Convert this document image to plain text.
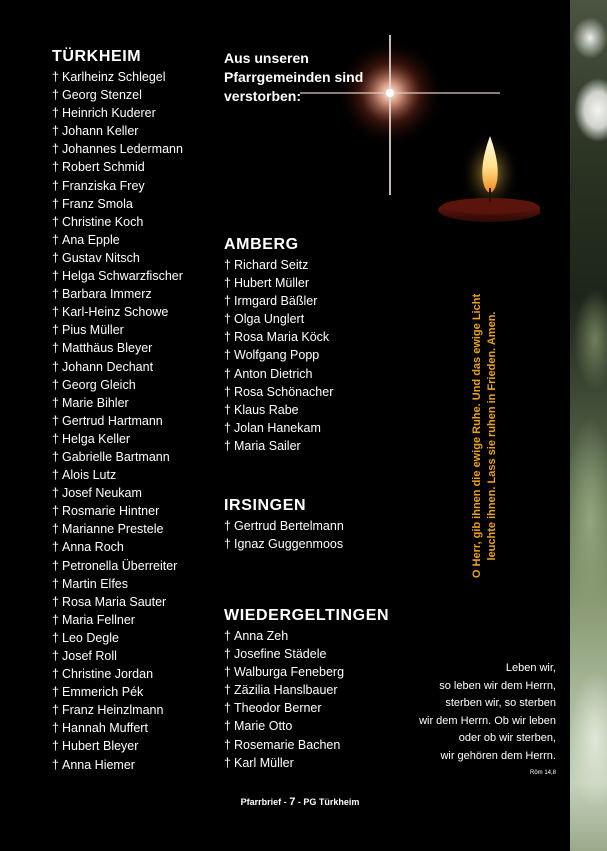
Aus unseren
Pfarrgemeinden sind
verstorben:

TÜRKHEIM
† Karlheinz Schlegel
† Georg Stenzel
† Heinrich Kuderer
† Johann Keller
† Johannes Ledermann
† Robert Schmid
† Franziska Frey
† Franz Smola
† Christine Koch
† Ana Epple
† Gustav Nitsch
† Helga Schwarzfischer
† Barbara Immerz
† Karl-Heinz Schowe
† Pius Müller
† Matthäus Bleyer
† Johann Dechant
† Georg Gleich
† Marie Bihler
† Gertrud Hartmann
† Helga Keller
† Gabrielle Bartmann
† Alois Lutz
† Josef Neukam
† Rosmarie Hintner
† Marianne Prestele
† Anna Roch
† Petronella Überreiter
† Martin Elfes
† Rosa Maria Sauter
† Maria Fellner
† Leo Degle
† Josef Roll
† Christine Jordan
† Emmerich Pék
† Franz Heinzlmann
† Hannah Muffert
† Hubert Bleyer
† Anna Hiemer
AMBERG
† Richard Seitz
† Hubert Müller
† Irmgard Bäßler
† Olga Unglert
† Rosa Maria Köck
† Wolfgang Popp
† Anton Dietrich
† Rosa Schönacher
† Klaus Rabe
† Jolan Hanekam
† Maria Sailer
IRSINGEN
† Gertrud Bertelmann
† Ignaz Guggenmoos
WIEDERGELTINGEN
† Anna Zeh
† Josefine Städele
† Walburga Feneberg
† Zäzilia Hanslbauer
† Theodor Berner
† Marie Otto
† Rosemarie Bachen
† Karl Müller

O Herr, gib ihnen die ewige Ruhe. Und das ewige Licht leuchte ihnen. Lass sie ruhen in Frieden. Amen.

Leben wir,
so leben wir dem Herrn,
sterben wir, so sterben
wir dem Herrn. Ob wir leben
oder ob wir sterben,
wir gehören dem Herrn.

Röm 14,8

Pfarrbrief - 7 - PG Türkheim
